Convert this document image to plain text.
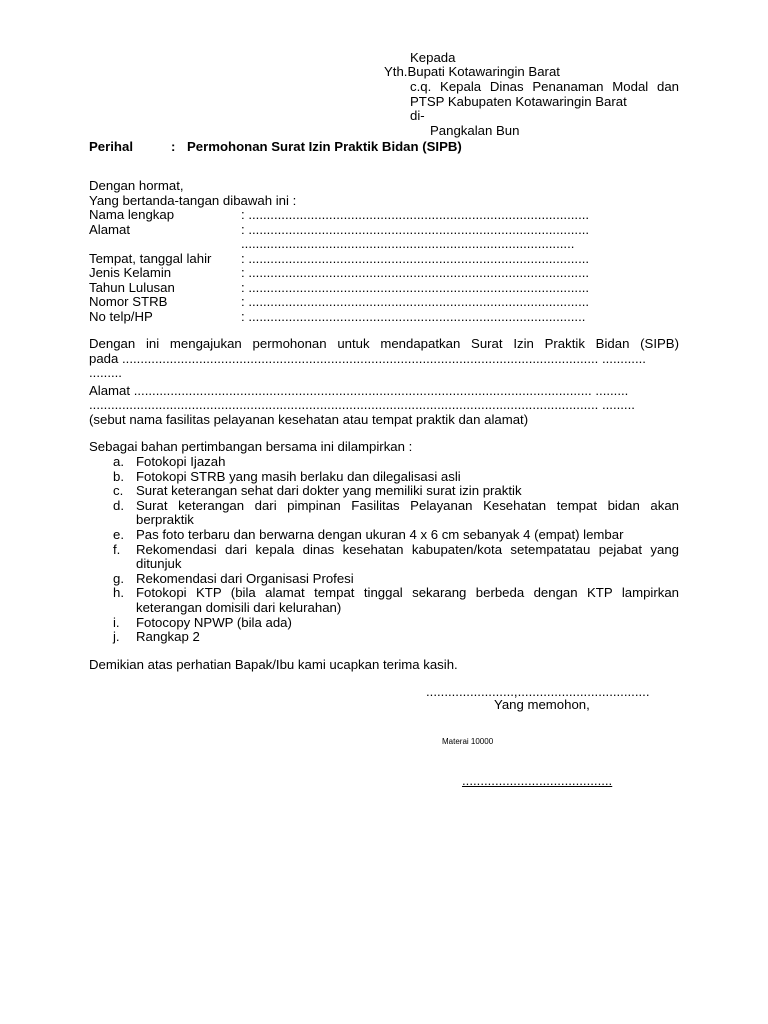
Kepada
Yth.Bupati Kotawaringin Barat
c.q. Kepala Dinas Penanaman Modal dan
PTSP Kabupaten Kotawaringin Barat
di-
Pangkalan Bun
Perihal	: Permohonan Surat Izin Praktik Bidan (SIPB)
Dengan hormat,
Yang bertanda-tangan dibawah ini :
Nama lengkap	: .............................................................................................
Alamat	: .............................................................................................
...........................................................................................
Tempat, tanggal lahir : .............................................................................................
Jenis Kelamin	: .............................................................................................
Tahun Lulusan	: .............................................................................................
Nomor STRB	: .............................................................................................
No telp/HP	: ............................................................................................
Dengan ini mengajukan permohonan untuk mendapatkan Surat Izin Praktik Bidan (SIPB)
pada .................................................................................................................................. ............
.........
Alamat ............................................................................................................................. .........
........................................................................................................................................... .........
(sebut nama fasilitas pelayanan kesehatan atau tempat praktik dan alamat)
Sebagai bahan pertimbangan bersama ini dilampirkan :
a. Fotokopi Ijazah
b. Fotokopi STRB yang masih berlaku dan dilegalisasi asli
c. Surat keterangan sehat dari dokter yang memiliki surat izin praktik
d. Surat keterangan dari pimpinan Fasilitas Pelayanan Kesehatan tempat bidan akan
berpraktik
e. Pas foto terbaru dan berwarna dengan ukuran 4 x 6 cm sebanyak 4 (empat) lembar
f. Rekomendasi dari kepala dinas kesehatan kabupaten/kota setempatatau pejabat yang
ditunjuk
g. Rekomendasi dari Organisasi Profesi
h. Fotokopi KTP (bila alamat tempat tinggal sekarang berbeda dengan KTP lampirkan
keterangan domisili dari kelurahan)
i. Fotocopy NPWP (bila ada)
j. Rangkap 2
Demikian atas perhatian Bapak/Ibu kami ucapkan terima kasih.
........................,....................................
Yang memohon,
Materai 10000
.........................................
